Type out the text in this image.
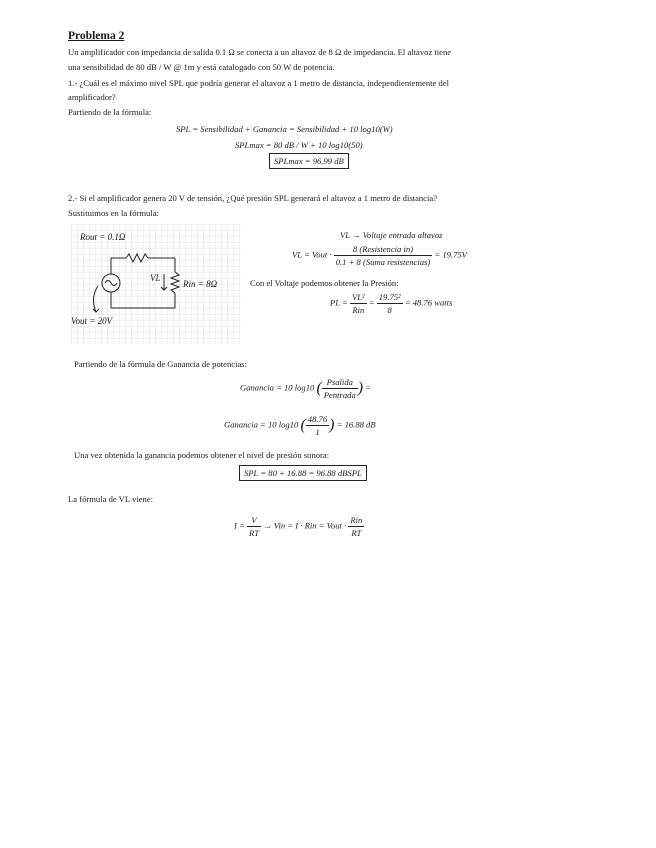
Problema 2
Un amplificador con impedancia de salida 0.1 Ω se conecta a un altavoz de 8 Ω de impedancia. El altavoz tiene
una sensibilidad de 80 dB / W @ 1m y está catalogado con 50 W de potencia.
1.- ¿Cuál es el máximo nivel SPL que podría generar el altavoz a 1 metro de distancia, independientemente del
amplificador?
Partiendo de la fórmula:
SPL = Sensibilidad + Ganancia = Sensibilidad + 10 log10(W)
SPLmax = 80 dB / W + 10 log10(50)
SPLmax = 96.99 dB
2.- Si el amplificador genera 20 V de tensión, ¿Qué presión SPL generará el altavoz a 1 metro de distancia?
Sustituimos en la fórmula:
Rout = 0.1Ω
VL
Rin = 8Ω
Vout = 20V
VL → Voltaje entrada altavoz
VL = Vout · $\frac{\text{8 (Resistencia in)}}{\text{0.1 + 8 (Suma resistencias)}} = 19.75V$
Con el Voltaje podemos obtener la Presión:
PL = $\frac{\text{VL²}}{\text{Rin}} = \frac{\text{19.75²}}{8} = 48.76$ watts
Partiendo de la fórmula de Ganancia de potencias:
Ganancia = 10 log10 ( $\frac{\text{Psalida}}{\text{Pentrada}}$ ) =
Ganancia = 10 log10 ( $\frac{48.76}{1}$ ) = 16.88 dB
Una vez obtenida la ganancia podemos obtener el nivel de presión sonora:
SPL = 80 + 16.88 = 96.88 dBSPL
La fórmula de VL viene:
$I = \frac{V}{RT}$ → Vin = I · Rin = Vout · $\frac{\text{Rin}}{RT}$
